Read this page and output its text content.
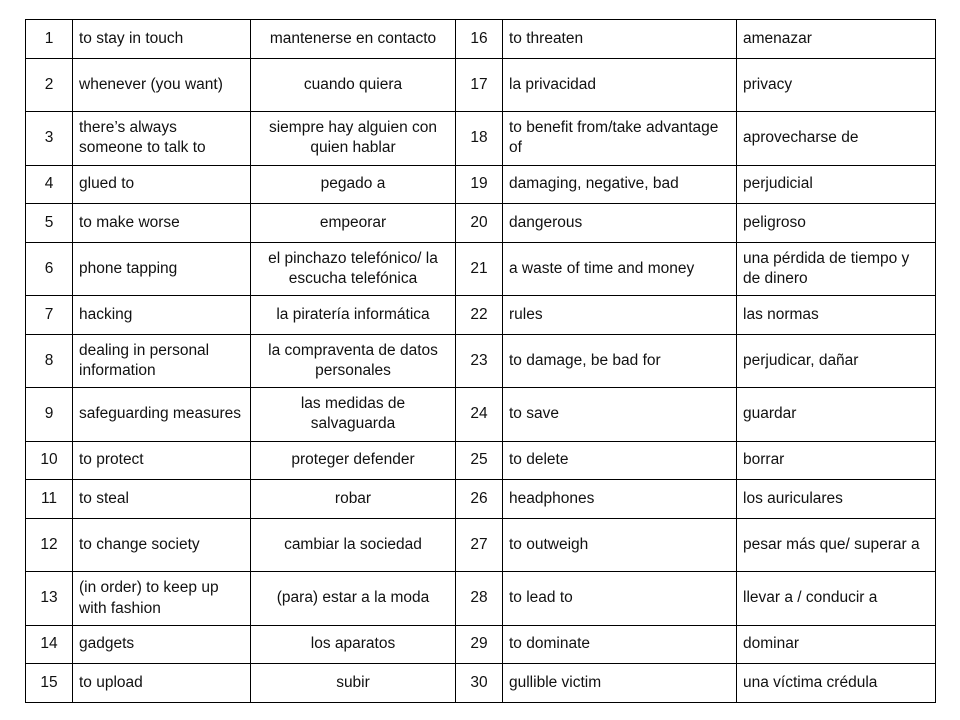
1	to stay in touch	mantenerse en contacto	16	to threaten	amenazar
2	whenever (you want)	cuando quiera	17	la privacidad	privacy
3	there’s always someone to talk to	siempre hay alguien con quien hablar	18	to benefit from/take advantage of	aprovecharse de
4	glued to	pegado a	19	damaging, negative, bad	perjudicial
5	to make worse	empeorar	20	dangerous	peligroso
6	phone tapping	el pinchazo telefónico/ la escucha telefónica	21	a waste of time and money	una pérdida de tiempo y de dinero
7	hacking	la piratería informática	22	rules	las normas
8	dealing in personal information	la compraventa de datos personales	23	to damage, be bad for	perjudicar, dañar
9	safeguarding measures	las medidas de salvaguarda	24	to save	guardar
10	to protect	proteger defender	25	to delete	borrar
11	to steal	robar	26	headphones	los auriculares
12	to change society	cambiar la sociedad	27	to outweigh	pesar más que/ superar a
13	(in order) to keep up with fashion	(para) estar a la moda	28	to lead to	llevar a / conducir a
14	gadgets	los aparatos	29	to dominate	dominar
15	to upload	subir	30	gullible victim	una víctima crédula
